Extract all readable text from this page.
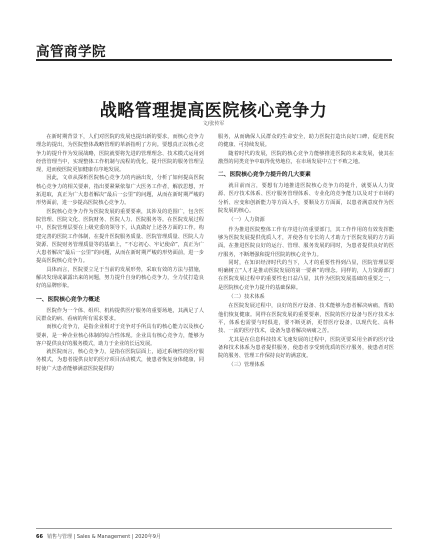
高管商学院
战略管理提高医院核心竞争力
文/张传军

在新时期背景下，人们对医院的发展也提出新的要求，而核心竞争力理念的提出，为医院整体战略管理的革新指明了方向。要想真正以核心竞争力的提升作为发展战略，医院就要将先进的管理理念、技术模式运用到经营管理当中，实现整体工作机制与流程的优化，提升医院的服务管理呈现，进而使医院更加健康有序地发展。

因此，文章从探析医院核心竞争力的内涵出发，分析了如何提高医院核心竞争力的相关要素，指出要紧紧依靠广大医务工作者，解放思想，开拓进取，真正为广大患者解决“最后一公里”的问题，从而在新时期严峻的形势面前，进一步提高医院核心竞争力。

医院核心竞争力作为医院发展的重要要素，其涉及的范围广，包含医院管理、医院文化、医院财务、医院人力、医院服务等。在医院发展过程中，医院管理层要在上级党委的领导下，认真做好上述各方面的工作。构建完善的医院工作体制，在提升医院服务质量、医院管理质量、医院人力资源、医院财务管理质量等的基础上，“不忘初心、牢记使命”，真正为广大患者解决“最后一公里”的问题，从而在新时期严峻的形势面前，进一步提高医院核心竞争力。

具体而言，医院要立足于当前的发展形势，采取有效的方法与措施，解决发现或暴露出来的问题，努力提升自身的核心竞争力，全力仗打造良好的品牌形象。

一、医院核心竞争力概述

医院作为一个体、组织、机构提供医疗服务的重要场地，其满足了人民群众的病、看病的所有需求要求。

而核心竞争力，是指企业相对于竞争对手所具有的核心能力以及核心要素，是一种企业核心体制的综合性体现。企业具有核心竞争力，能够为客户提供良好的服务模式，助力于企业的长远发展。

就医院而言，核心竞争力，是指在医院层面上，通过系统性的医疗服务模式，为患者提供良好的医疗项目活动模式，使患者恢复身体健康，同时使广大患者能够满意医院提供的

服务，从而确保人民群众的生命安全，助力医院打造出良好口碑，促进医院的健康、可持续发展。

随着时代的发展，医院的核心竞争力能够推进医院的未来发展，使其在激烈的同类竞争中取得优势地位，在市场发展中立于不败之地。

二、医院核心竞争力提升的几大要素

就目前而言，要想有力地推进医院核心竞争力的提升，就要从人力资源、医疗技术体系、医疗服务管理体系、专业化的竞争能力以及对于市场的分析、应变和创新能力等方面入手，要顺及方方面面，以患者满意度作为医院发展的核心。

（一）人力资源

作为推进医院整体工作有序进行的重要部门，其工作作用的有效发挥能够为医院发展提供优质人才，并使各有专长的人才助力于医院发展的方方面面。在推进医院良好的运行、管理、服务发展的同时，为患者提供良好的医疗服务，不断增强和提升医院的核心竞争力。

同时，在知识经济时代的当下，人才的重要性得到凸显，医院管理层要明确树立“人才是推动医院发展的第一要素”的理念。同样的，人力资源部门在医院发展过程中的重要性也日益凸显，其作为医院发展基础的重要之一，是医院核心竞争力提升的基础保障。

（二）技术体系

在医院发展过程中，良好的医疗设备、技术能够为患者解决病痛，帮助他们恢复健康。同样在医院发展的重要要素，医院的医疗设备与医疗技术水平，体系也需要与时俱进，要不断更新，更替医疗设备，以现代化、高科技、一流的医疗技术，设备为患者解决病痛之苦。

尤其是在信息科技技术飞速发展的过程中，医院更要采用全新的医疗设备和技术体系为患者提供服务，使患者享受到优质的医疗服务，使患者对医院的服务、管理工作保持良好的满意度。

（三）管理体系

66 销售与管理 | Sales & Management | 2020年9月
